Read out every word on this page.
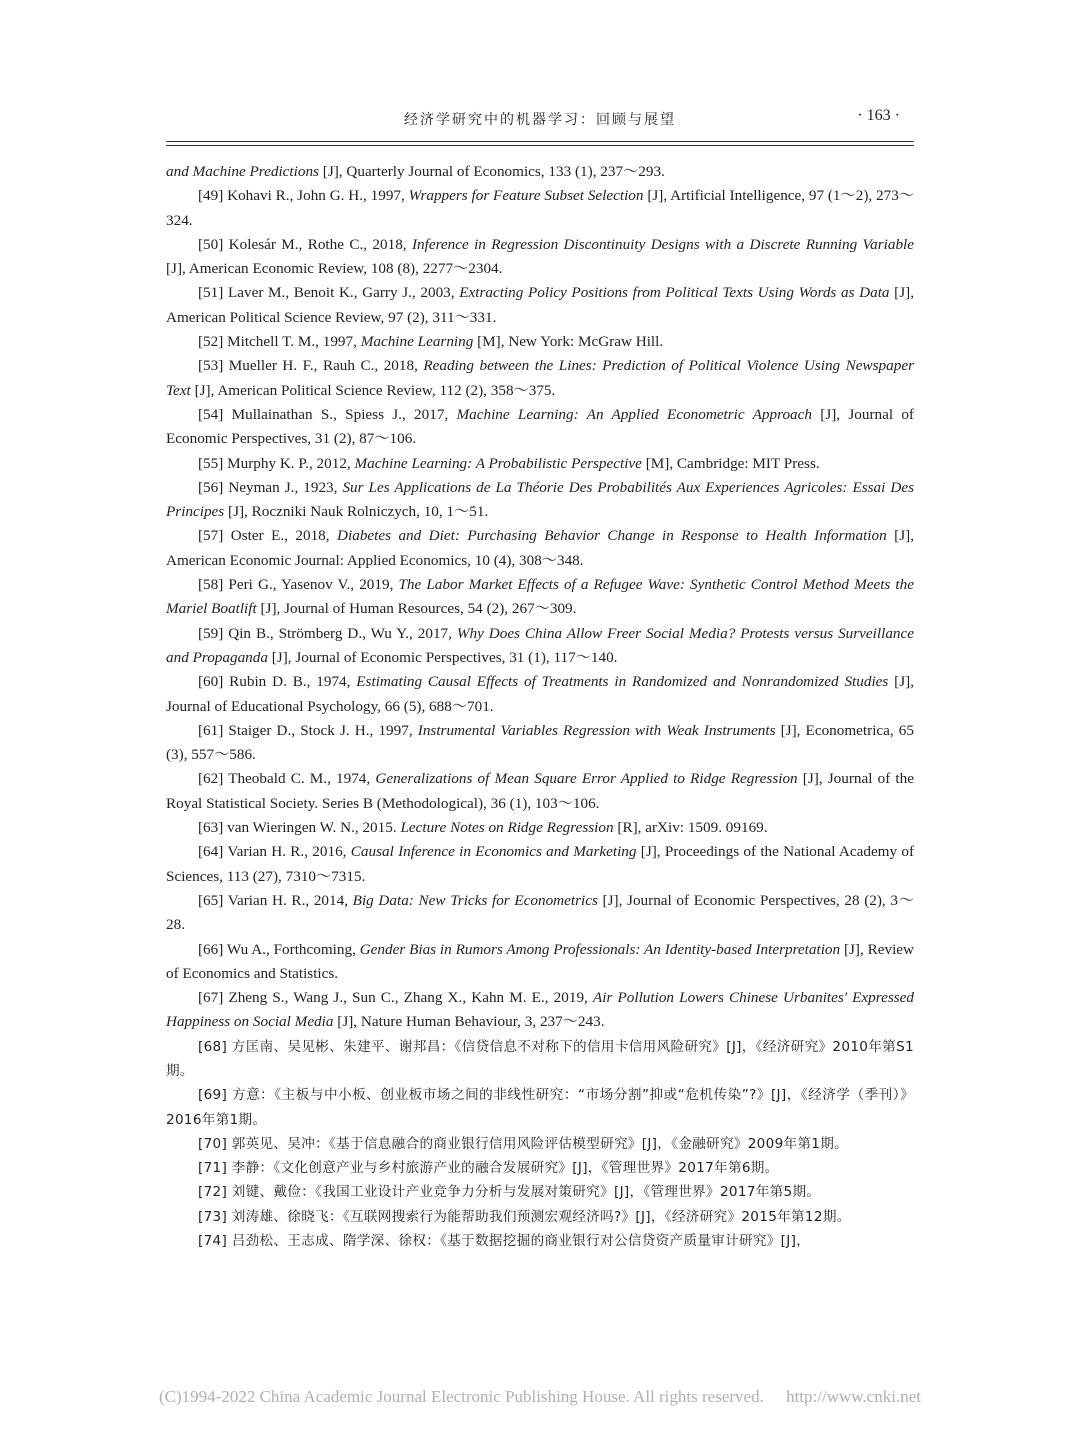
经济学研究中的机器学习：回顾与展望	· 163 ·

and Machine Predictions [J], Quarterly Journal of Economics, 133 (1), 237～293.

[49] Kohavi R., John G. H., 1997, Wrappers for Feature Subset Selection [J], Artificial Intelligence, 97 (1～2), 273～324.

[50] Kolesár M., Rothe C., 2018, Inference in Regression Discontinuity Designs with a Discrete Running Variable [J], American Economic Review, 108 (8), 2277～2304.

[51] Laver M., Benoit K., Garry J., 2003, Extracting Policy Positions from Political Texts Using Words as Data [J], American Political Science Review, 97 (2), 311～331.

[52] Mitchell T. M., 1997, Machine Learning [M], New York: McGraw Hill.

[53] Mueller H. F., Rauh C., 2018, Reading between the Lines: Prediction of Political Violence Using Newspaper Text [J], American Political Science Review, 112 (2), 358～375.

[54] Mullainathan S., Spiess J., 2017, Machine Learning: An Applied Econometric Approach [J], Journal of Economic Perspectives, 31 (2), 87～106.

[55] Murphy K. P., 2012, Machine Learning: A Probabilistic Perspective [M], Cambridge: MIT Press.

[56] Neyman J., 1923, Sur Les Applications de La Théorie Des Probabilités Aux Experiences Agricoles: Essai Des Principes [J], Roczniki Nauk Rolniczych, 10, 1～51.

[57] Oster E., 2018, Diabetes and Diet: Purchasing Behavior Change in Response to Health Information [J], American Economic Journal: Applied Economics, 10 (4), 308～348.

[58] Peri G., Yasenov V., 2019, The Labor Market Effects of a Refugee Wave: Synthetic Control Method Meets the Mariel Boatlift [J], Journal of Human Resources, 54 (2), 267～309.

[59] Qin B., Strömberg D., Wu Y., 2017, Why Does China Allow Freer Social Media? Protests versus Surveillance and Propaganda [J], Journal of Economic Perspectives, 31 (1), 117～140.

[60] Rubin D. B., 1974, Estimating Causal Effects of Treatments in Randomized and Nonrandomized Studies [J], Journal of Educational Psychology, 66 (5), 688～701.

[61] Staiger D., Stock J. H., 1997, Instrumental Variables Regression with Weak Instruments [J], Econometrica, 65 (3), 557～586.

[62] Theobald C. M., 1974, Generalizations of Mean Square Error Applied to Ridge Regression [J], Journal of the Royal Statistical Society. Series B (Methodological), 36 (1), 103～106.

[63] van Wieringen W. N., 2015. Lecture Notes on Ridge Regression [R], arXiv: 1509. 09169.

[64] Varian H. R., 2016, Causal Inference in Economics and Marketing [J], Proceedings of the National Academy of Sciences, 113 (27), 7310～7315.

[65] Varian H. R., 2014, Big Data: New Tricks for Econometrics [J], Journal of Economic Perspectives, 28 (2), 3～28.

[66] Wu A., Forthcoming, Gender Bias in Rumors Among Professionals: An Identity-based Interpretation [J], Review of Economics and Statistics.

[67] Zheng S., Wang J., Sun C., Zhang X., Kahn M. E., 2019, Air Pollution Lowers Chinese Urbanites' Expressed Happiness on Social Media [J], Nature Human Behaviour, 3, 237～243.

[68] 方匡南、吴见彬、朱建平、谢邦昌：《信贷信息不对称下的信用卡信用风险研究》[J]，《经济研究》2010年第S1期。

[69] 方意：《主板与中小板、创业板市场之间的非线性研究：“市场分割”抑或“危机传染”?》[J]，《经济学（季刊）》2016年第1期。

[70] 郭英见、吴冲：《基于信息融合的商业银行信用风险评估模型研究》[J]，《金融研究》2009年第1期。

[71] 李静：《文化创意产业与乡村旅游产业的融合发展研究》[J]，《管理世界》2017年第6期。

[72] 刘键、戴俭：《我国工业设计产业竞争力分析与发展对策研究》[J]，《管理世界》2017年第5期。

[73] 刘涛雄、徐晓飞：《互联网搜索行为能帮助我们预测宏观经济吗?》[J]，《经济研究》2015年第12期。

[74] 吕劲松、王志成、隋学深、徐权：《基于数据挖掘的商业银行对公信贷资产质量审计研究》[J]，

(C)1994-2022 China Academic Journal Electronic Publishing House. All rights reserved. http://www.cnki.net
